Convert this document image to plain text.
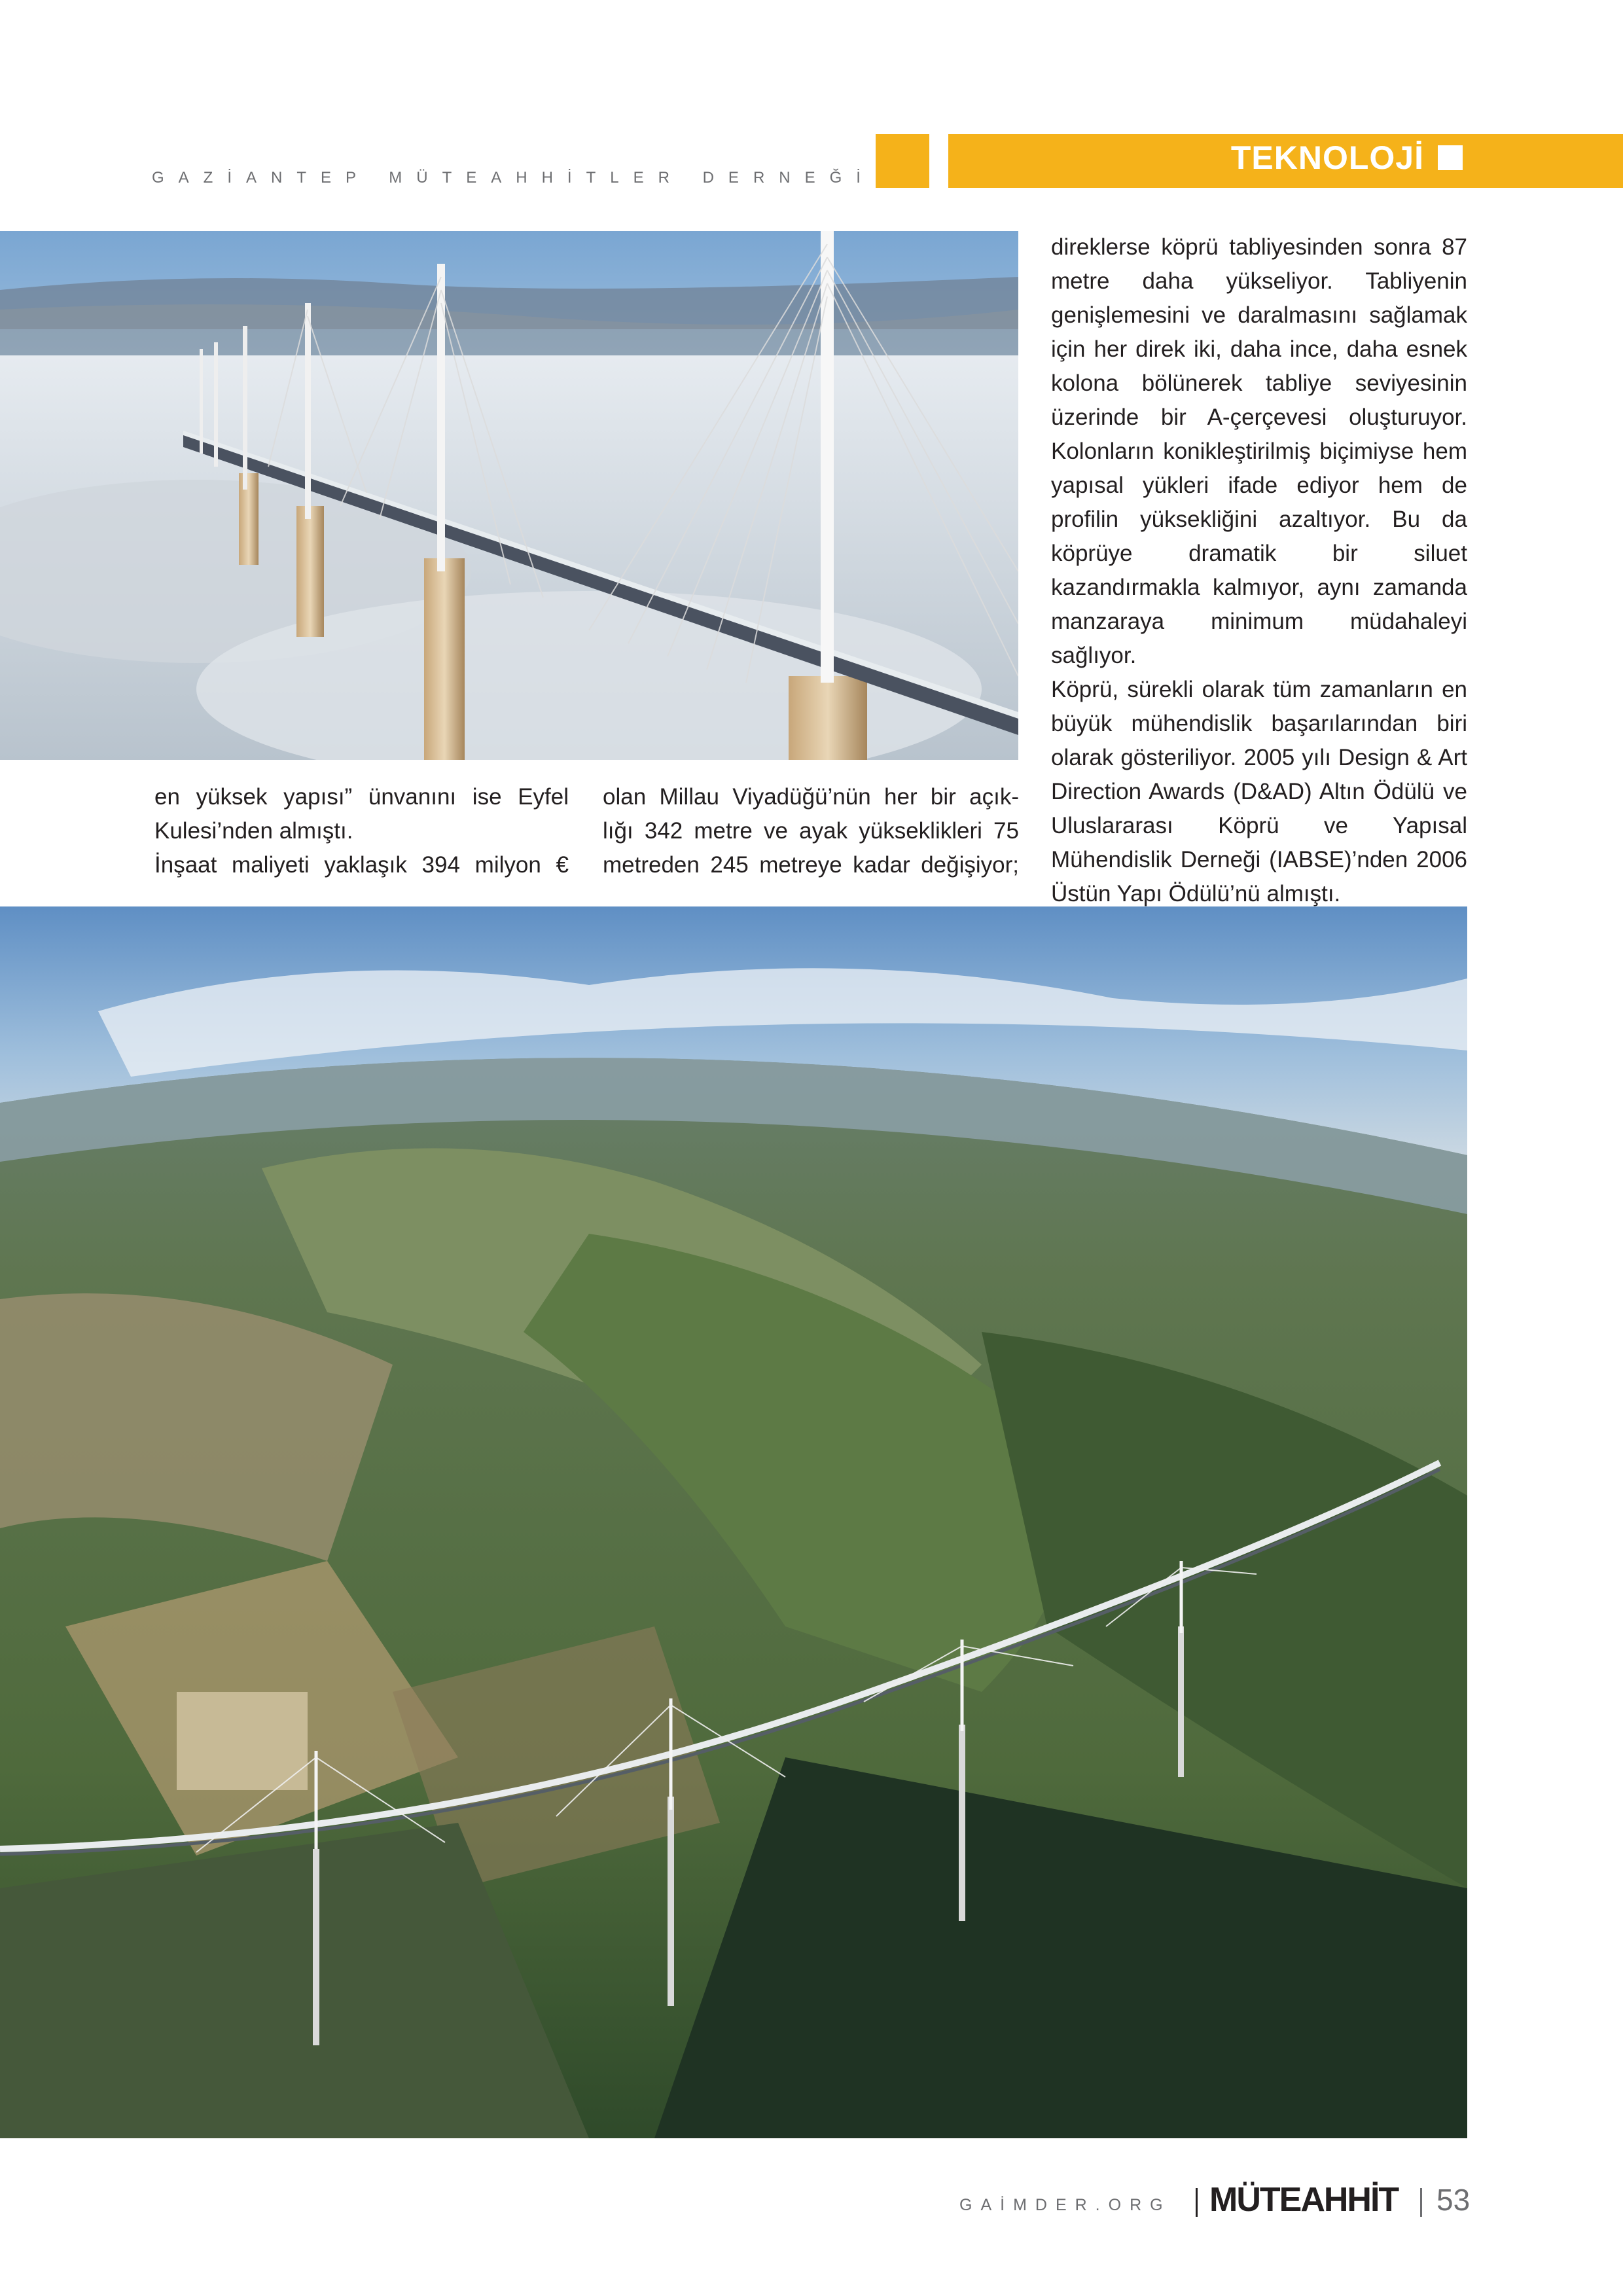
GAZİANTEP MÜTEAHHİTLER DERNEĞİ
TEKNOLOJİ

direklerse köprü tabliyesinden sonra 87 metre daha yükseliyor. Tabliyenin genişlemesini ve daralmasını sağlamak için her direk iki, daha ince, daha esnek kolona bölünerek tabliye seviyesinin üzerinde bir A-çerçevesi oluşturuyor. Kolonların konikleştirilmiş biçimiyse hem yapısal yükleri ifade ediyor hem de profilin yüksekliğini azaltıyor. Bu da köprüye dramatik bir siluet kazandırmakla kalmıyor, aynı zamanda manzaraya minimum müdahaleyi sağlıyor.

Köprü, sürekli olarak tüm zamanların en büyük mühendislik başarılarından biri olarak gösteriliyor. 2005 yılı Design & Art Direction Awards (D&AD) Altın Ödülü ve Uluslararası Köprü ve Yapısal Mühendislik Derneği (IABSE)’nden 2006 Üstün Yapı Ödülü’nü almıştı.

en yüksek yapısı” ünvanını ise Eyfel
Kulesi’nden almıştı.
İnşaat maliyeti yaklaşık 394 milyon €
olan Millau Viyadüğü’nün her bir açık-
lığı 342 metre ve ayak yükseklikleri 75
metreden 245 metreye kadar değişiyor;
GAİMDER.ORG MÜTEAHHİT 53
